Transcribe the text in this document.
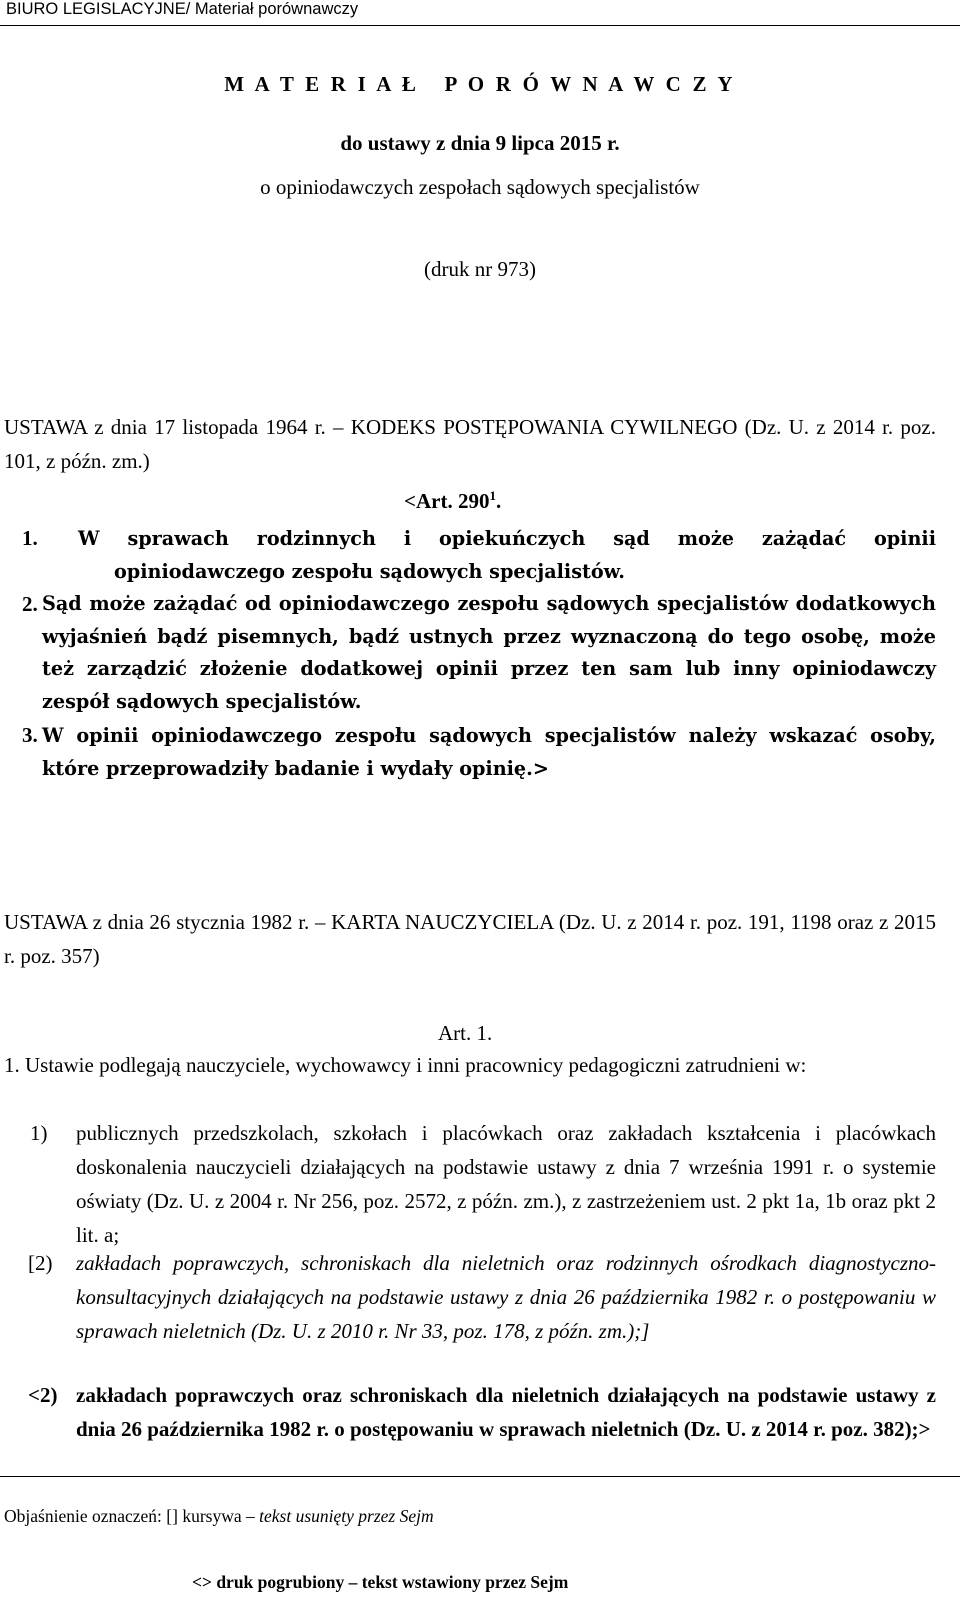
BIURO LEGISLACYJNE/ Materiał porównawczy
M A T E R I A Ł   P O R Ó W N A W C Z Y
do ustawy z dnia 9 lipca 2015 r.
o opiniodawczych zespołach sądowych specjalistów
(druk nr 973)
USTAWA z dnia 17 listopada 1964 r. – KODEKS POSTĘPOWANIA CYWILNEGO (Dz. U. z 2014 r. poz. 101, z późn. zm.)
<Art. $290^1$.
1. W sprawach rodzinnych i opiekuńczych sąd może zażądać opinii opiniodawczego zespołu sądowych specjalistów.
2. Sąd może zażądać od opiniodawczego zespołu sądowych specjalistów dodatkowych wyjaśnień bądź pisemnych, bądź ustnych przez wyznaczoną do tego osobę, może też zarządzić złożenie dodatkowej opinii przez ten sam lub inny opiniodawczy zespół sądowych specjalistów.
3. W opinii opiniodawczego zespołu sądowych specjalistów należy wskazać osoby, które przeprowadziły badanie i wydały opinię.>
USTAWA z dnia 26 stycznia 1982 r. – KARTA NAUCZYCIELA (Dz. U. z 2014 r. poz. 191, 1198 oraz z 2015 r. poz. 357)
Art. 1.
1. Ustawie podlegają nauczyciele, wychowawcy i inni pracownicy pedagogiczni zatrudnieni w:
1) publicznych przedszkolach, szkołach i placówkach oraz zakładach kształcenia i placówkach doskonalenia nauczycieli działających na podstawie ustawy z dnia 7 września 1991 r. o systemie oświaty (Dz. U. z 2004 r. Nr 256, poz. 2572, z późn. zm.), z zastrzeżeniem ust. 2 pkt 1a, 1b oraz pkt 2 lit. a;
[2) zakładach poprawczych, schroniskach dla nieletnich oraz rodzinnych ośrodkach diagnostyczno-konsultacyjnych działających na podstawie ustawy z dnia 26 października 1982 r. o postępowaniu w sprawach nieletnich (Dz. U. z 2010 r. Nr 33, poz. 178, z późn. zm.);]
<2) zakładach poprawczych oraz schroniskach dla nieletnich działających na podstawie ustawy z dnia 26 października 1982 r. o postępowaniu w sprawach nieletnich (Dz. U. z 2014 r. poz. 382);>
Objaśnienie oznaczeń: [] kursywa – tekst usunięty przez Sejm
<> druk pogrubiony – tekst wstawiony przez Sejm
